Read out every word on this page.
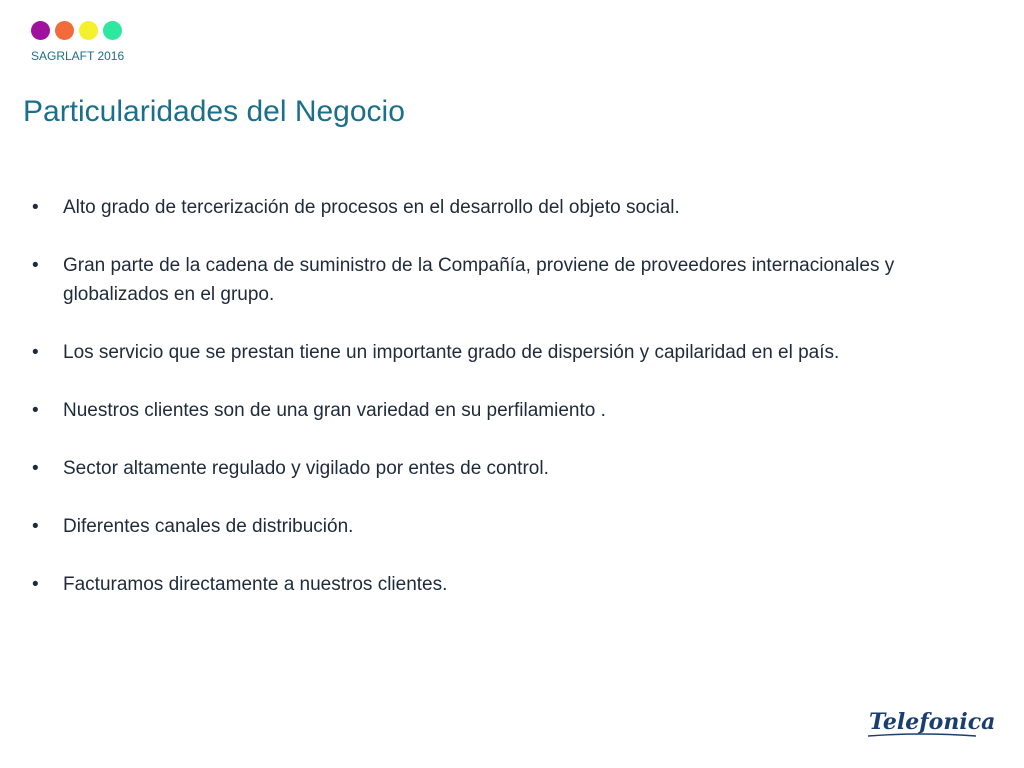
SAGRLAFT 2016
Particularidades del Negocio
• Alto grado de tercerización de procesos en el desarrollo del objeto social.
• Gran parte de la cadena de suministro de la Compañía, proviene de proveedores internacionales y globalizados en el grupo.
• Los servicio que se prestan tiene un importante grado de dispersión y capilaridad en el país.
• Nuestros clientes son de una gran variedad en su perfilamiento .
• Sector altamente regulado y vigilado por entes de control.
• Diferentes canales de distribución.
• Facturamos directamente a nuestros clientes.
Telefonica
